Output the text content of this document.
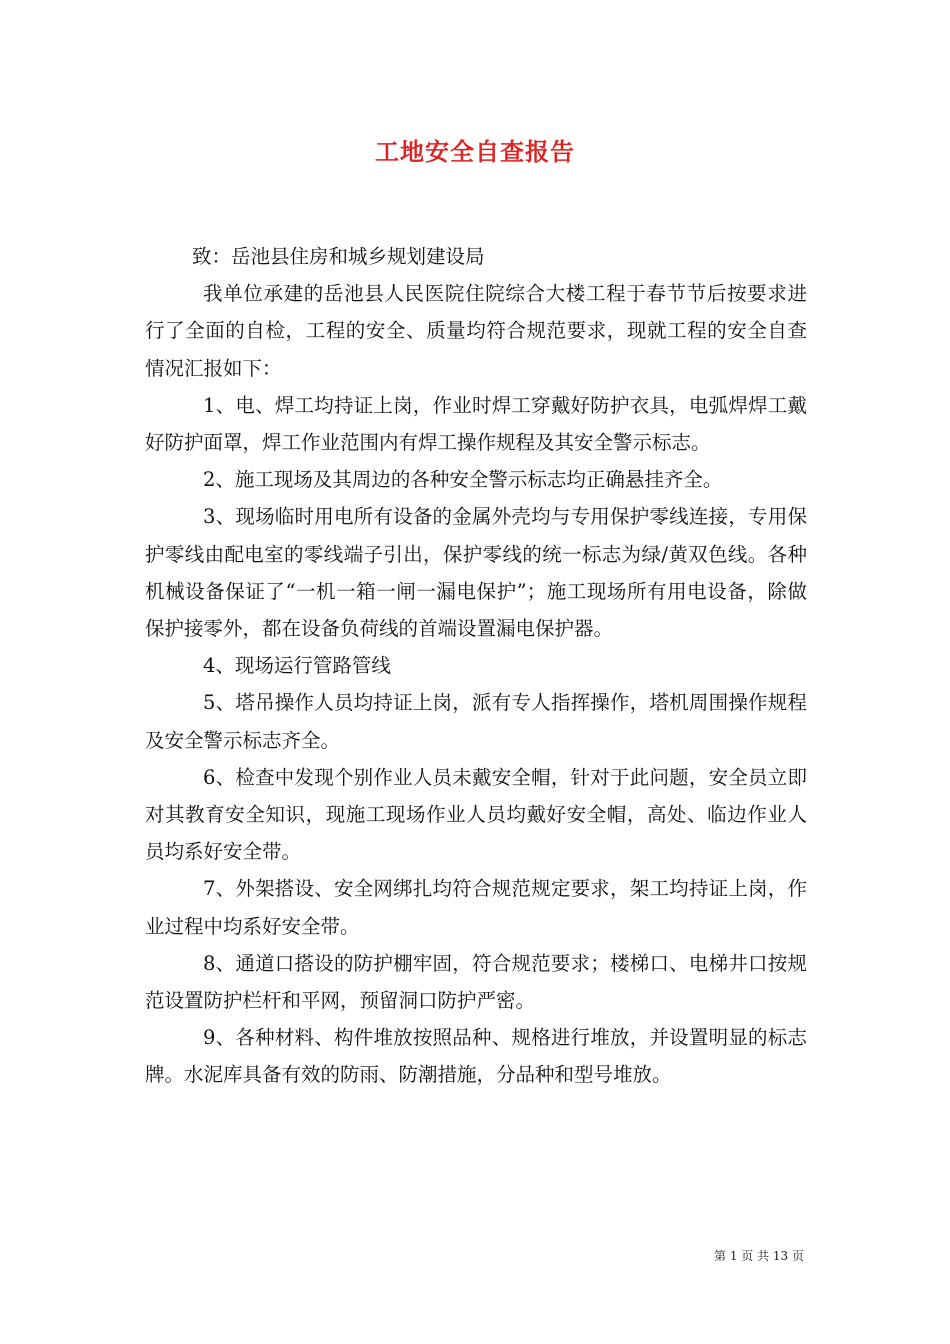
工地安全自查报告

致：岳池县住房和城乡规划建设局

我单位承建的岳池县人民医院住院综合大楼工程于春节节后按要求进行了全面的自检，工程的安全、质量均符合规范要求，现就工程的安全自查情况汇报如下：

1、电、焊工均持证上岗，作业时焊工穿戴好防护衣具，电弧焊焊工戴好防护面罩，焊工作业范围内有焊工操作规程及其安全警示标志。

2、施工现场及其周边的各种安全警示标志均正确悬挂齐全。

3、现场临时用电所有设备的金属外壳均与专用保护零线连接，专用保护零线由配电室的零线端子引出，保护零线的统一标志为绿/黄双色线。各种机械设备保证了“一机一箱一闸一漏电保护”；施工现场所有用电设备，除做保护接零外，都在设备负荷线的首端设置漏电保护器。

4、现场运行管路管线

5、塔吊操作人员均持证上岗，派有专人指挥操作，塔机周围操作规程及安全警示标志齐全。

6、检查中发现个别作业人员未戴安全帽，针对于此问题，安全员立即对其教育安全知识，现施工现场作业人员均戴好安全帽，高处、临边作业人员均系好安全带。

7、外架搭设、安全网绑扎均符合规范规定要求，架工均持证上岗，作业过程中均系好安全带。

8、通道口搭设的防护棚牢固，符合规范要求；楼梯口、电梯井口按规范设置防护栏杆和平网，预留洞口防护严密。

9、各种材料、构件堆放按照品种、规格进行堆放，并设置明显的标志牌。水泥库具备有效的防雨、防潮措施，分品种和型号堆放。

第 1 页 共 13 页
